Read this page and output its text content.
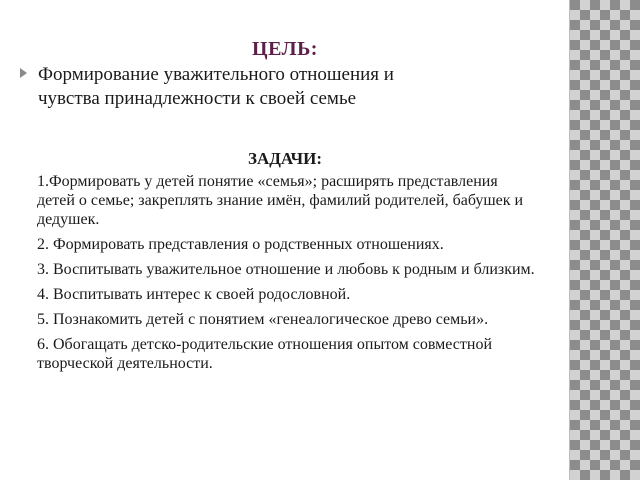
ЦЕЛЬ:
Формирование уважительного отношения и
чувства принадлежности к своей семье
ЗАДАЧИ:
1.Формировать у детей понятие «семья»; расширять представления детей о семье; закреплять знание имён, фамилий родителей, бабушек и дедушек.
2. Формировать представления о родственных отношениях.
3. Воспитывать уважительное отношение и любовь к родным и близким.
4. Воспитывать интерес к своей родословной.
5. Познакомить детей с понятием «генеалогическое древо семьи».
6. Обогащать детско-родительские отношения опытом совместной творческой деятельности.
